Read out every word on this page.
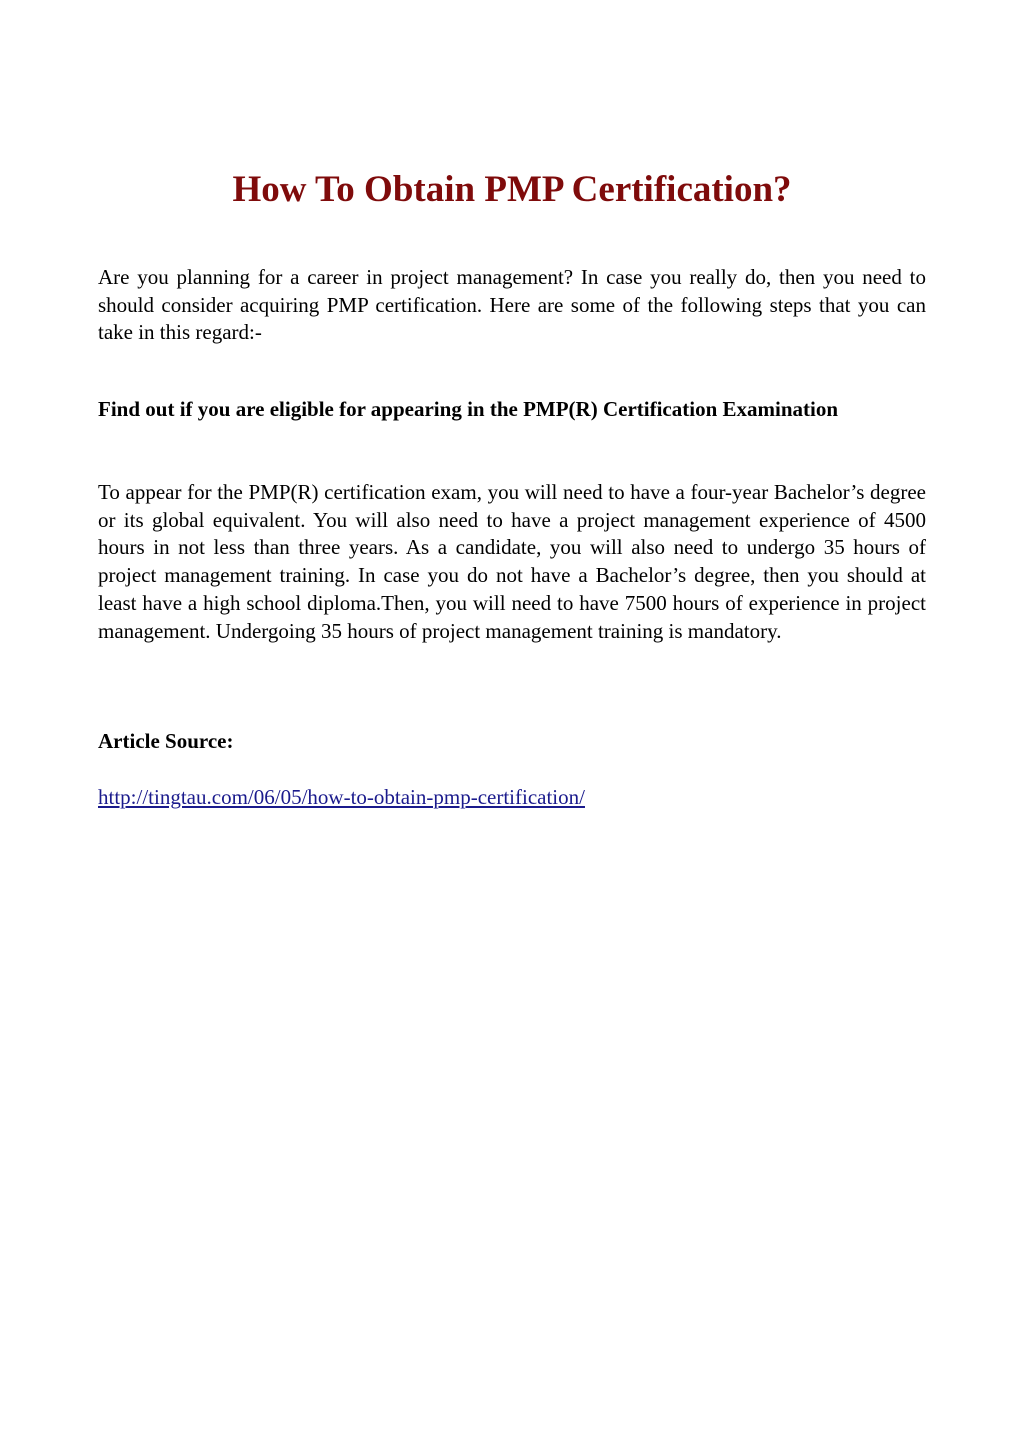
How To Obtain PMP Certification?

Are you planning for a career in project management? In case you really do, then you need to should consider acquiring PMP certification. Here are some of the following steps that you can take in this regard:-

Find out if you are eligible for appearing in the PMP(R) Certification Examination

To appear for the PMP(R) certification exam, you will need to have a four-year Bachelor’s degree or its global equivalent. You will also need to have a project management experience of 4500 hours in not less than three years. As a candidate, you will also need to undergo 35 hours of project management training. In case you do not have a Bachelor’s degree, then you should at least have a high school diploma.Then, you will need to have 7500 hours of experience in project management. Undergoing 35 hours of project management training is mandatory.

Article Source:

http://tingtau.com/06/05/how-to-obtain-pmp-certification/
